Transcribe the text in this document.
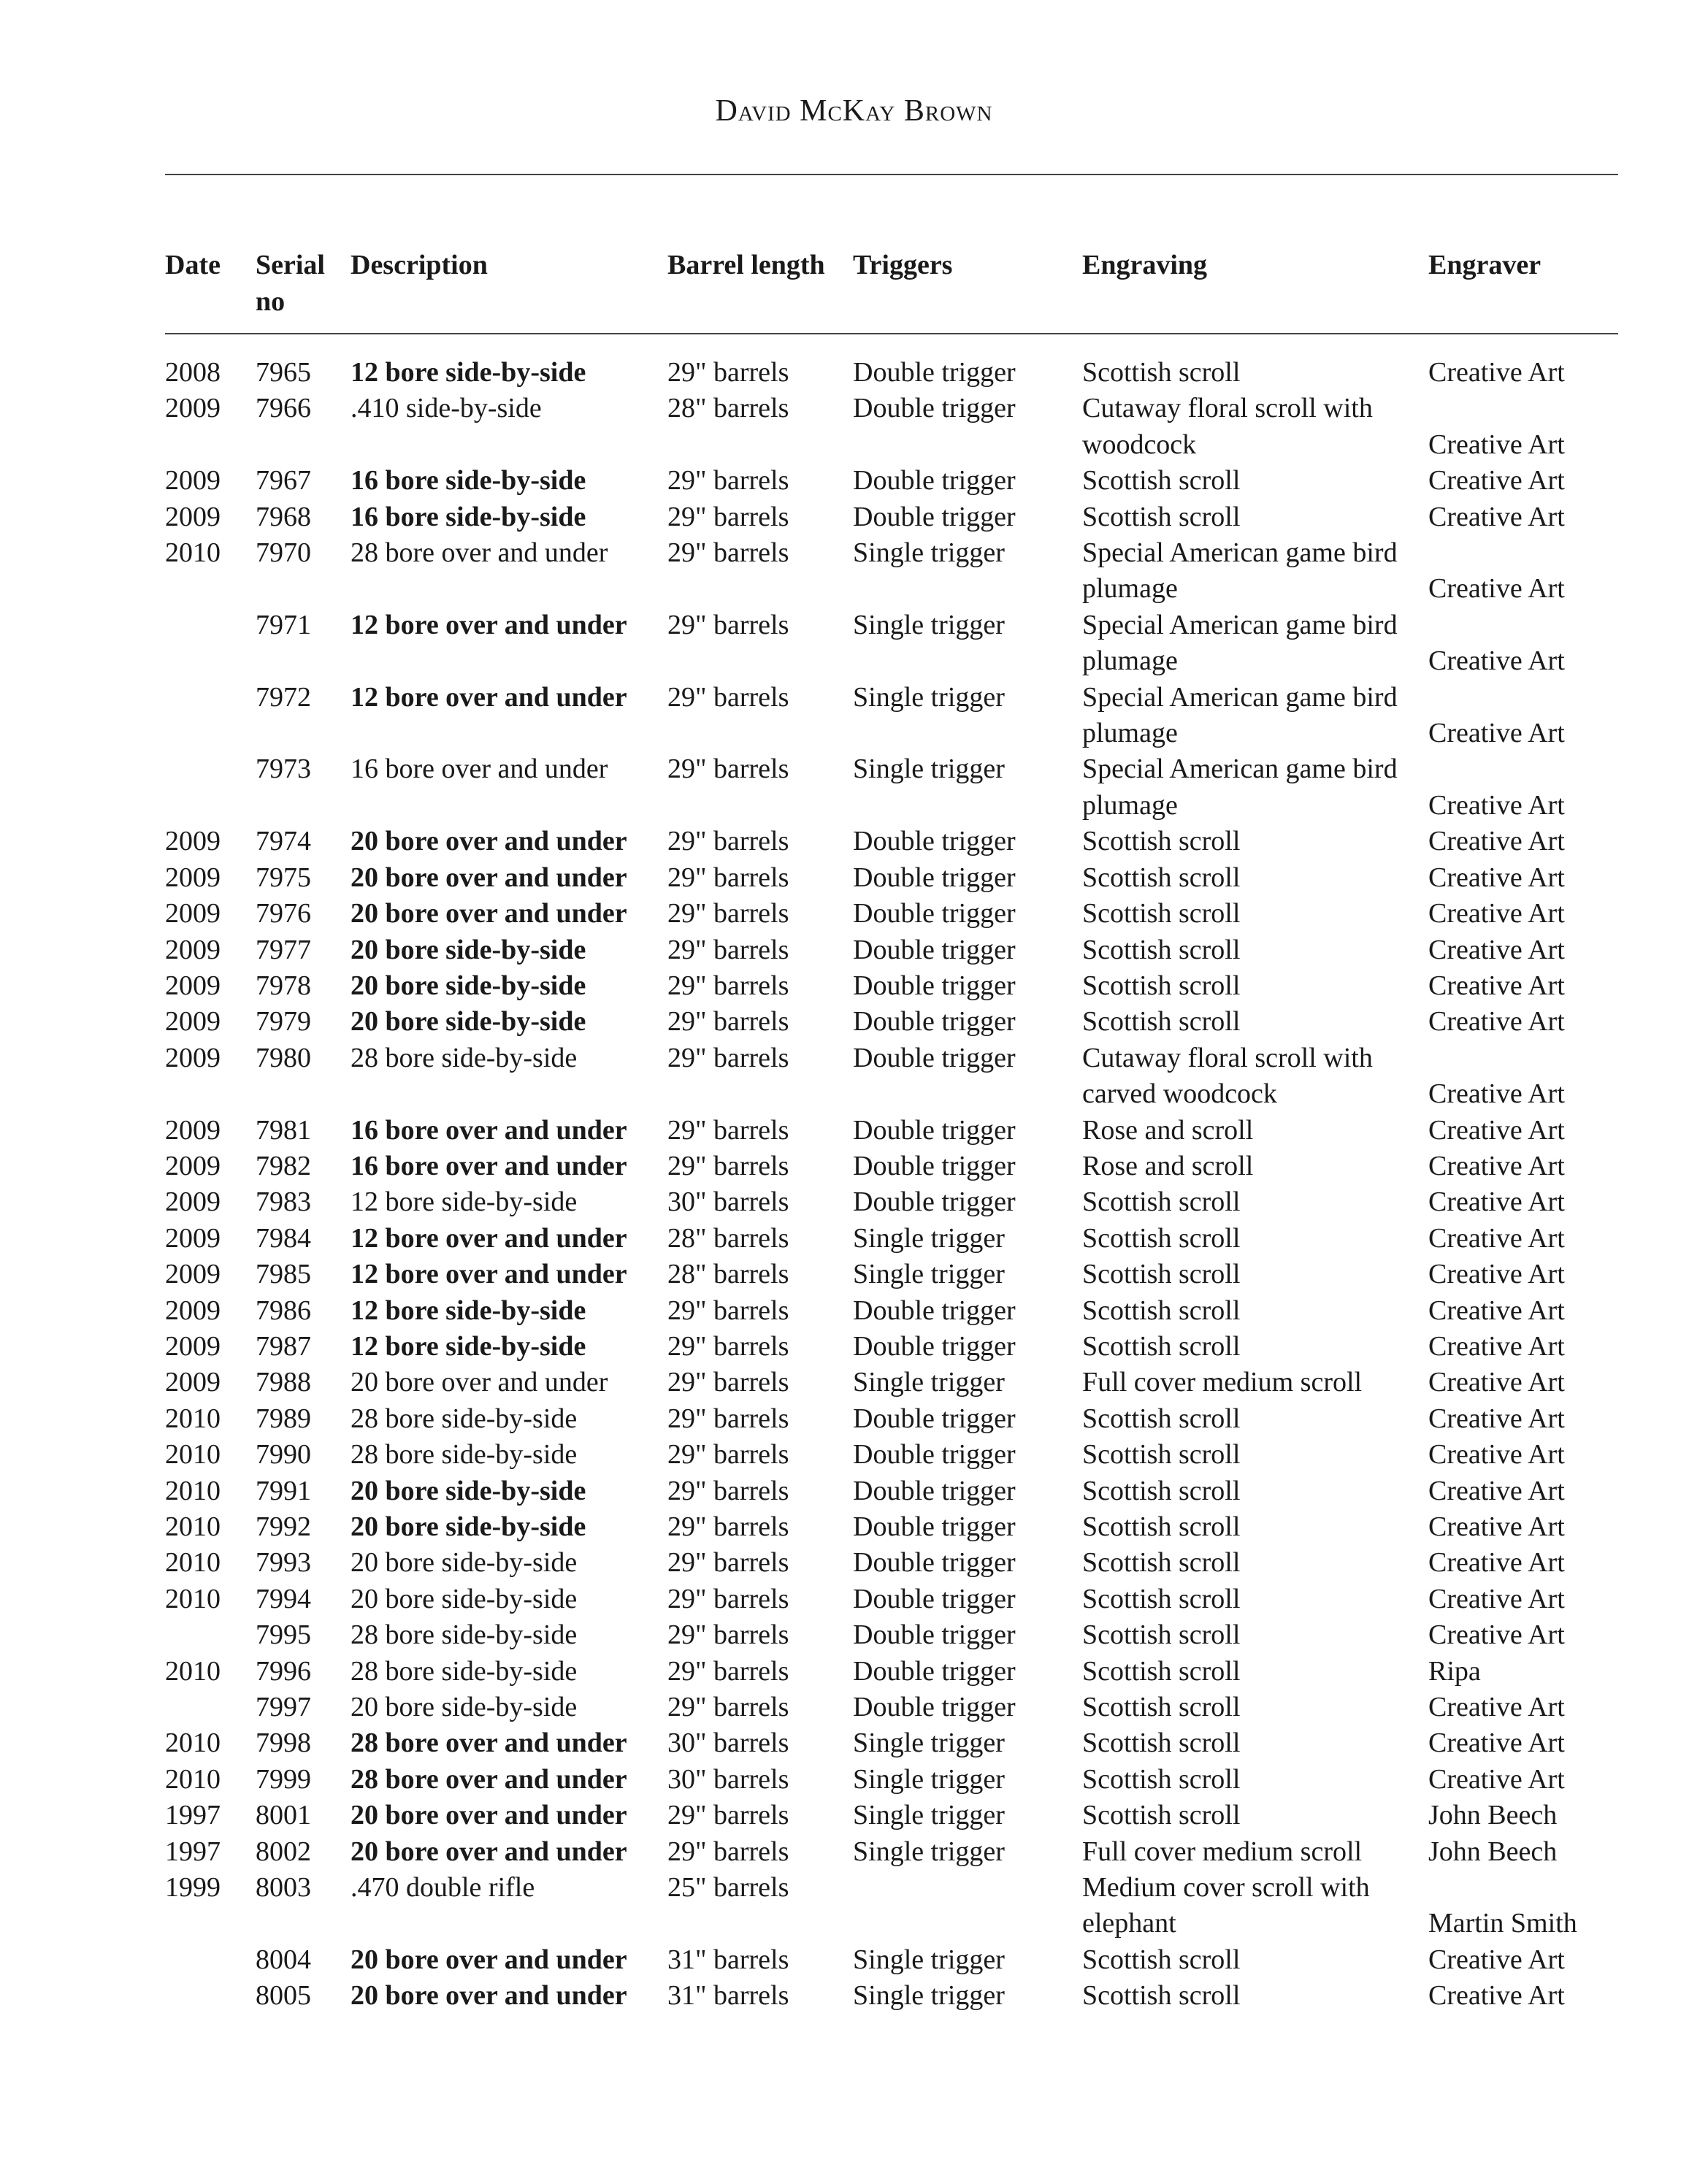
David McKay Brown
Date	Serial no	Description	Barrel length	Triggers	Engraving	Engraver
2008	7965	12 bore side-by-side	29" barrels	Double trigger	Scottish scroll	Creative Art
2009	7966	.410 side-by-side	28" barrels	Double trigger	Cutaway floral scroll with woodcock	Creative Art
2009	7967	16 bore side-by-side	29" barrels	Double trigger	Scottish scroll	Creative Art
2009	7968	16 bore side-by-side	29" barrels	Double trigger	Scottish scroll	Creative Art
2010	7970	28 bore over and under	29" barrels	Single trigger	Special American game bird plumage	Creative Art
	7971	12 bore over and under	29" barrels	Single trigger	Special American game bird plumage	Creative Art
	7972	12 bore over and under	29" barrels	Single trigger	Special American game bird plumage	Creative Art
	7973	16 bore over and under	29" barrels	Single trigger	Special American game bird plumage	Creative Art
2009	7974	20 bore over and under	29" barrels	Double trigger	Scottish scroll	Creative Art
2009	7975	20 bore over and under	29" barrels	Double trigger	Scottish scroll	Creative Art
2009	7976	20 bore over and under	29" barrels	Double trigger	Scottish scroll	Creative Art
2009	7977	20 bore side-by-side	29" barrels	Double trigger	Scottish scroll	Creative Art
2009	7978	20 bore side-by-side	29" barrels	Double trigger	Scottish scroll	Creative Art
2009	7979	20 bore side-by-side	29" barrels	Double trigger	Scottish scroll	Creative Art
2009	7980	28 bore side-by-side	29" barrels	Double trigger	Cutaway floral scroll with carved woodcock	Creative Art
2009	7981	16 bore over and under	29" barrels	Double trigger	Rose and scroll	Creative Art
2009	7982	16 bore over and under	29" barrels	Double trigger	Rose and scroll	Creative Art
2009	7983	12 bore side-by-side	30" barrels	Double trigger	Scottish scroll	Creative Art
2009	7984	12 bore over and under	28" barrels	Single trigger	Scottish scroll	Creative Art
2009	7985	12 bore over and under	28" barrels	Single trigger	Scottish scroll	Creative Art
2009	7986	12 bore side-by-side	29" barrels	Double trigger	Scottish scroll	Creative Art
2009	7987	12 bore side-by-side	29" barrels	Double trigger	Scottish scroll	Creative Art
2009	7988	20 bore over and under	29" barrels	Single trigger	Full cover medium scroll	Creative Art
2010	7989	28 bore side-by-side	29" barrels	Double trigger	Scottish scroll	Creative Art
2010	7990	28 bore side-by-side	29" barrels	Double trigger	Scottish scroll	Creative Art
2010	7991	20 bore side-by-side	29" barrels	Double trigger	Scottish scroll	Creative Art
2010	7992	20 bore side-by-side	29" barrels	Double trigger	Scottish scroll	Creative Art
2010	7993	20 bore side-by-side	29" barrels	Double trigger	Scottish scroll	Creative Art
2010	7994	20 bore side-by-side	29" barrels	Double trigger	Scottish scroll	Creative Art
	7995	28 bore side-by-side	29" barrels	Double trigger	Scottish scroll	Creative Art
2010	7996	28 bore side-by-side	29" barrels	Double trigger	Scottish scroll	Ripa
	7997	20 bore side-by-side	29" barrels	Double trigger	Scottish scroll	Creative Art
2010	7998	28 bore over and under	30" barrels	Single trigger	Scottish scroll	Creative Art
2010	7999	28 bore over and under	30" barrels	Single trigger	Scottish scroll	Creative Art
1997	8001	20 bore over and under	29" barrels	Single trigger	Scottish scroll	John Beech
1997	8002	20 bore over and under	29" barrels	Single trigger	Full cover medium scroll	John Beech
1999	8003	.470 double rifle	25" barrels		Medium cover scroll with elephant	Martin Smith
	8004	20 bore over and under	31" barrels	Single trigger	Scottish scroll	Creative Art
	8005	20 bore over and under	31" barrels	Single trigger	Scottish scroll	Creative Art
